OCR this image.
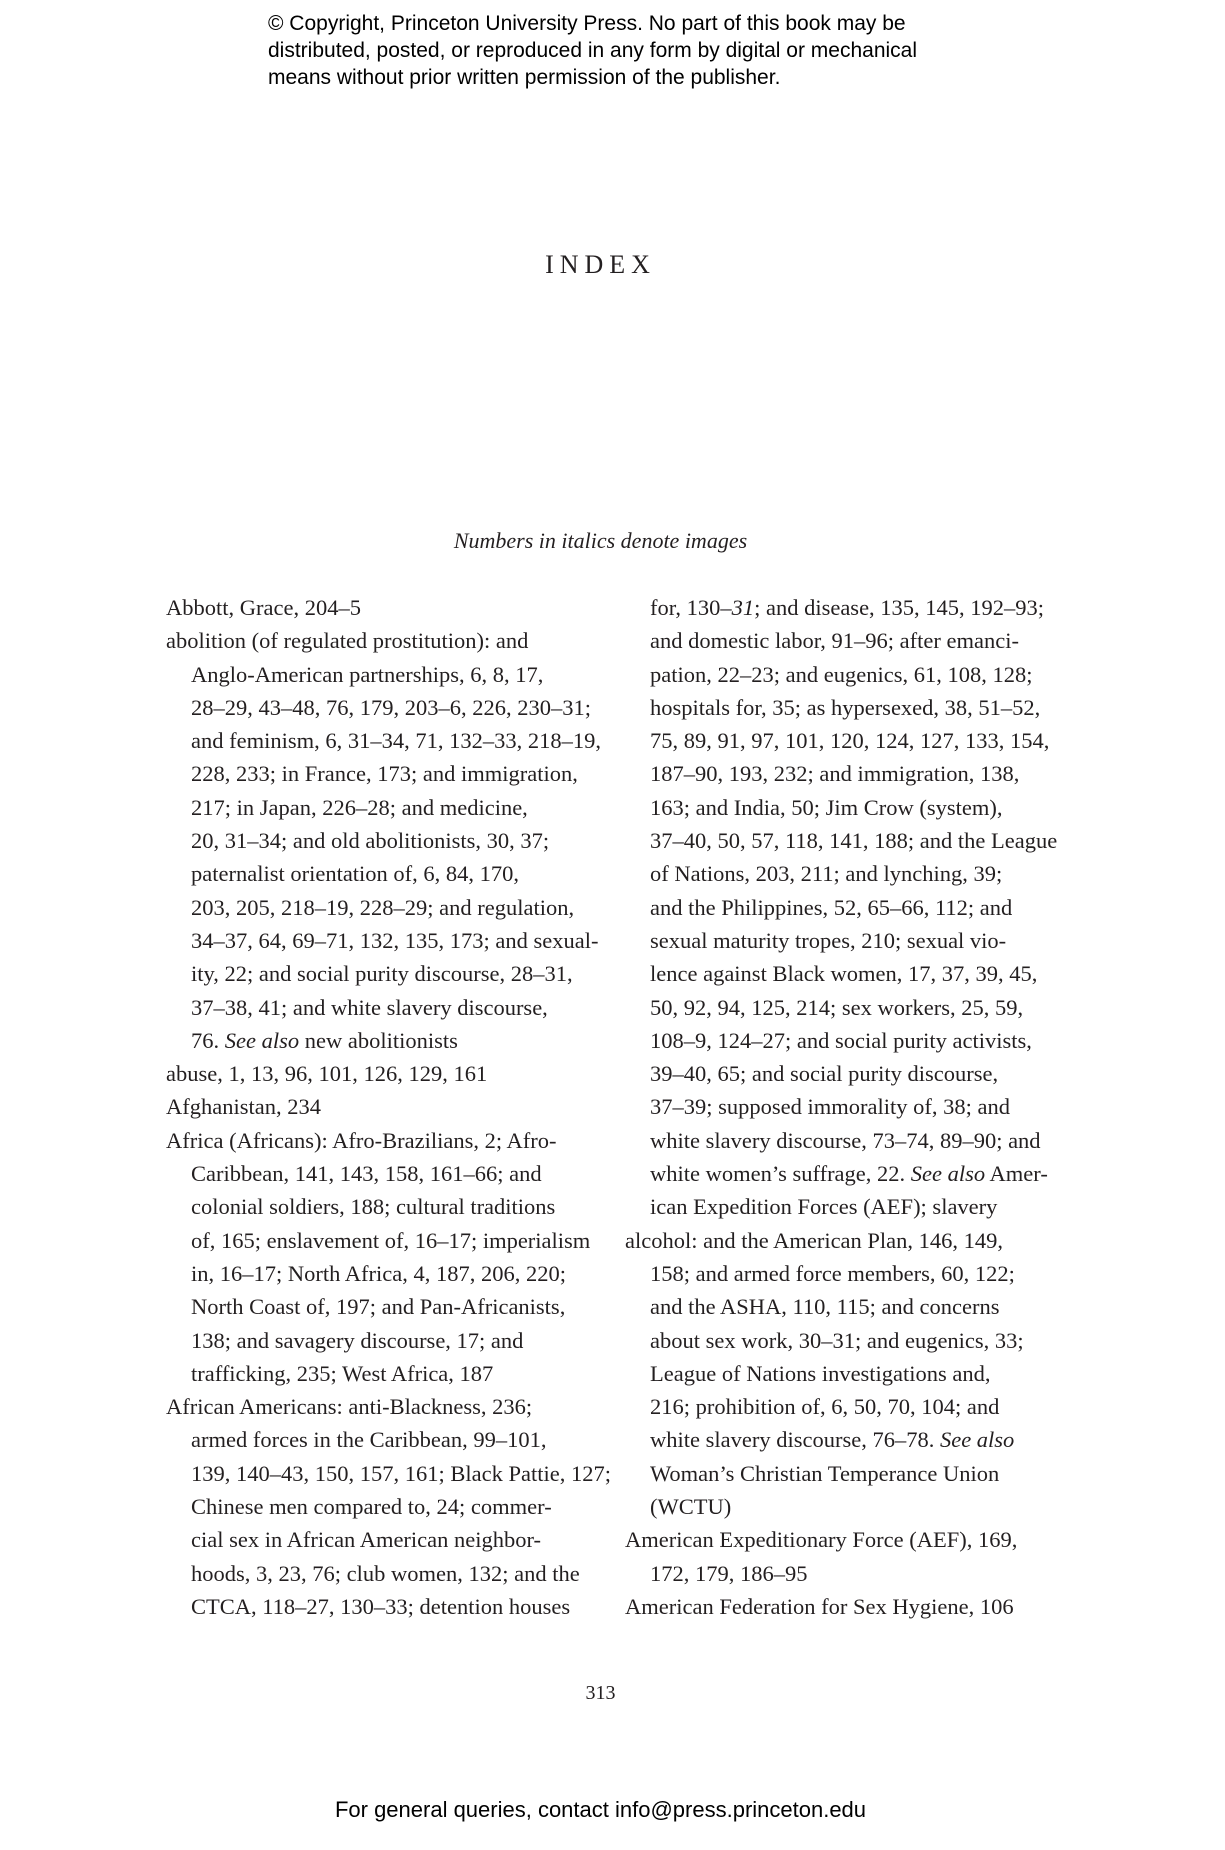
© Copyright, Princeton University Press. No part of this book may be
distributed, posted, or reproduced in any form by digital or mechanical
means without prior written permission of the publisher.
INDEX
Numbers in italics denote images

Abbott, Grace, 204–5

abolition (of regulated prostitution): and
Anglo-American partnerships, 6, 8, 17,
28–29, 43–48, 76, 179, 203–6, 226, 230–31;
and feminism, 6, 31–34, 71, 132–33, 218–19,
228, 233; in France, 173; and immigration,
217; in Japan, 226–28; and medicine,
20, 31–34; and old abolitionists, 30, 37;
paternalist orientation of, 6, 84, 170,
203, 205, 218–19, 228–29; and regulation,
34–37, 64, 69–71, 132, 135, 173; and sexual-
ity, 22; and social purity discourse, 28–31,
37–38, 41; and white slavery discourse,
76. See also new abolitionists

abuse, 1, 13, 96, 101, 126, 129, 161

Afghanistan, 234

Africa (Africans): Afro-Brazilians, 2; Afro-
Caribbean, 141, 143, 158, 161–66; and
colonial soldiers, 188; cultural traditions
of, 165; enslavement of, 16–17; imperialism
in, 16–17; North Africa, 4, 187, 206, 220;
North Coast of, 197; and Pan-Africanists,
138; and savagery discourse, 17; and
trafficking, 235; West Africa, 187

African Americans: anti-Blackness, 236;
armed forces in the Caribbean, 99–101,
139, 140–43, 150, 157, 161; Black Pattie, 127;
Chinese men compared to, 24; commer-
cial sex in African American neighbor-
hoods, 3, 23, 76; club women, 132; and the
CTCA, 118–27, 130–33; detention houses

for, 130–31; and disease, 135, 145, 192–93;
and domestic labor, 91–96; after emanci-
pation, 22–23; and eugenics, 61, 108, 128;
hospitals for, 35; as hypersexed, 38, 51–52,
75, 89, 91, 97, 101, 120, 124, 127, 133, 154,
187–90, 193, 232; and immigration, 138,
163; and India, 50; Jim Crow (system),
37–40, 50, 57, 118, 141, 188; and the League
of Nations, 203, 211; and lynching, 39;
and the Philippines, 52, 65–66, 112; and
sexual maturity tropes, 210; sexual vio-
lence against Black women, 17, 37, 39, 45,
50, 92, 94, 125, 214; sex workers, 25, 59,
108–9, 124–27; and social purity activists,
39–40, 65; and social purity discourse,
37–39; supposed immorality of, 38; and
white slavery discourse, 73–74, 89–90; and
white women’s suffrage, 22. See also Amer-
ican Expedition Forces (AEF); slavery

alcohol: and the American Plan, 146, 149,
158; and armed force members, 60, 122;
and the ASHA, 110, 115; and concerns
about sex work, 30–31; and eugenics, 33;
League of Nations investigations and,
216; prohibition of, 6, 50, 70, 104; and
white slavery discourse, 76–78. See also
Woman’s Christian Temperance Union
(WCTU)

American Expeditionary Force (AEF), 169,
172, 179, 186–95

American Federation for Sex Hygiene, 106

313
For general queries, contact info@press.princeton.edu
